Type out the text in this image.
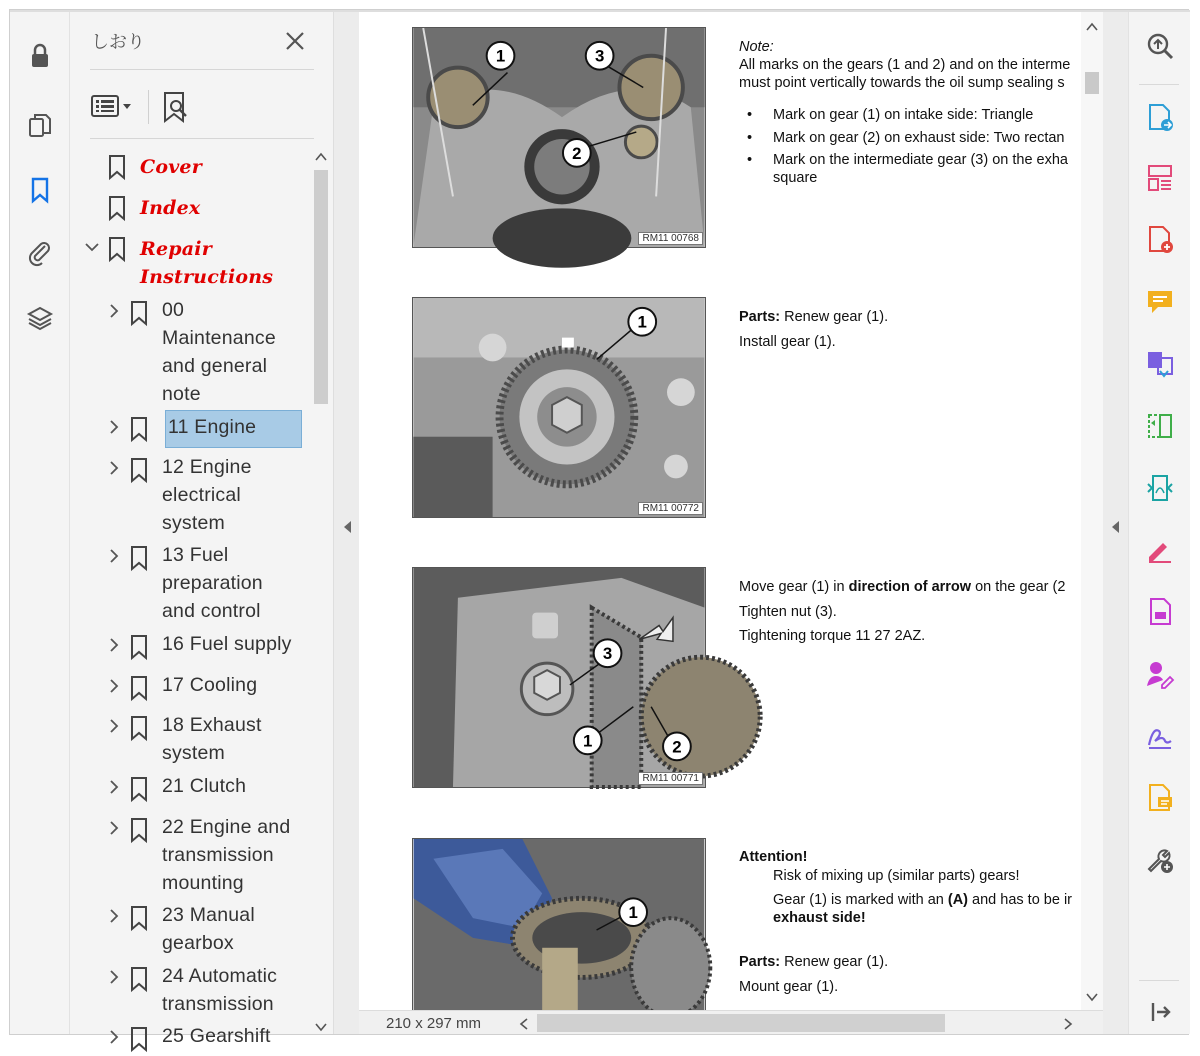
しおり
Cover
Index
Repair
Instructions
00
Maintenance
and general
note
11 Engine
12 Engine
electrical
system
13 Fuel
preparation
and control
16 Fuel supply
17 Cooling
18 Exhaust
system
21 Clutch
22 Engine and
transmission
mounting
23 Manual
gearbox
24 Automatic
transmission
25 Gearshift
1	3
2
RM11 00768
1
RM11 00772
3
1	2
RM11 00771
1
Note:
All marks on the gears (1 and 2) and on the interme
must point vertically towards the oil sump sealing s
Mark on gear (1) on intake side: Triangle
Mark on gear (2) on exhaust side: Two rectan
Mark on the intermediate gear (3) on the exha
square
Parts: Renew gear (1).
Install gear (1).
Move gear (1) in direction of arrow on the gear (2
Tighten nut (3).
Tightening torque 11 27 2AZ.
Attention!
Risk of mixing up (similar parts) gears!
Gear (1) is marked with an (A) and has to be ir
exhaust side!
Parts: Renew gear (1).
Mount gear (1).
210 x 297 mm
